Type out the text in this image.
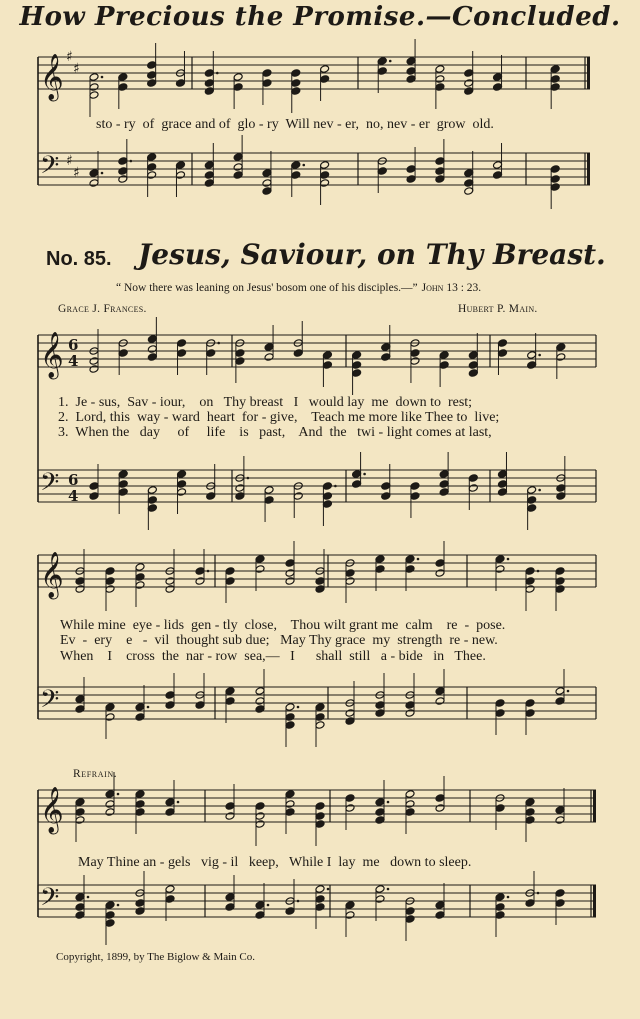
How Precious the Promise.—Concluded.
sto - ry  of  grace and of  glo - ry  Will nev - er,  no, nev - er  grow  old.
No. 85. Jesus, Saviour, on Thy Breast.
“ Now there was leaning on Jesus' bosom one of his disciples.—” John 13 : 23.
Grace J. Frances.	Hubert P. Main.
1.  Je - sus,  Sav - iour,    on   Thy breast   I   would lay  me  down to  rest;
2.  Lord, this  way - ward  heart  for - give,    Teach me more like Thee to  live;
3.  When the   day     of     life    is   past,    And  the   twi - light comes at last,
While mine  eye - lids  gen - tly  close,    Thou wilt grant me  calm    re  -  pose.
Ev  -  ery    e   -  vil  thought sub due;   May Thy grace  my  strength  re - new.
When    I    cross  the  nar - row  sea,—   I      shall  still   a - bide   in   Thee.
Refrain.
May Thine an - gels   vig - il   keep,   While I  lay  me   down to sleep.
Copyright, 1899, by The Biglow & Main Co.
𝄞 ♯
♯
𝄢 ♯
♯
𝄞 6
4
𝄢 6
4
𝄞
𝄢
𝄞
𝄢
